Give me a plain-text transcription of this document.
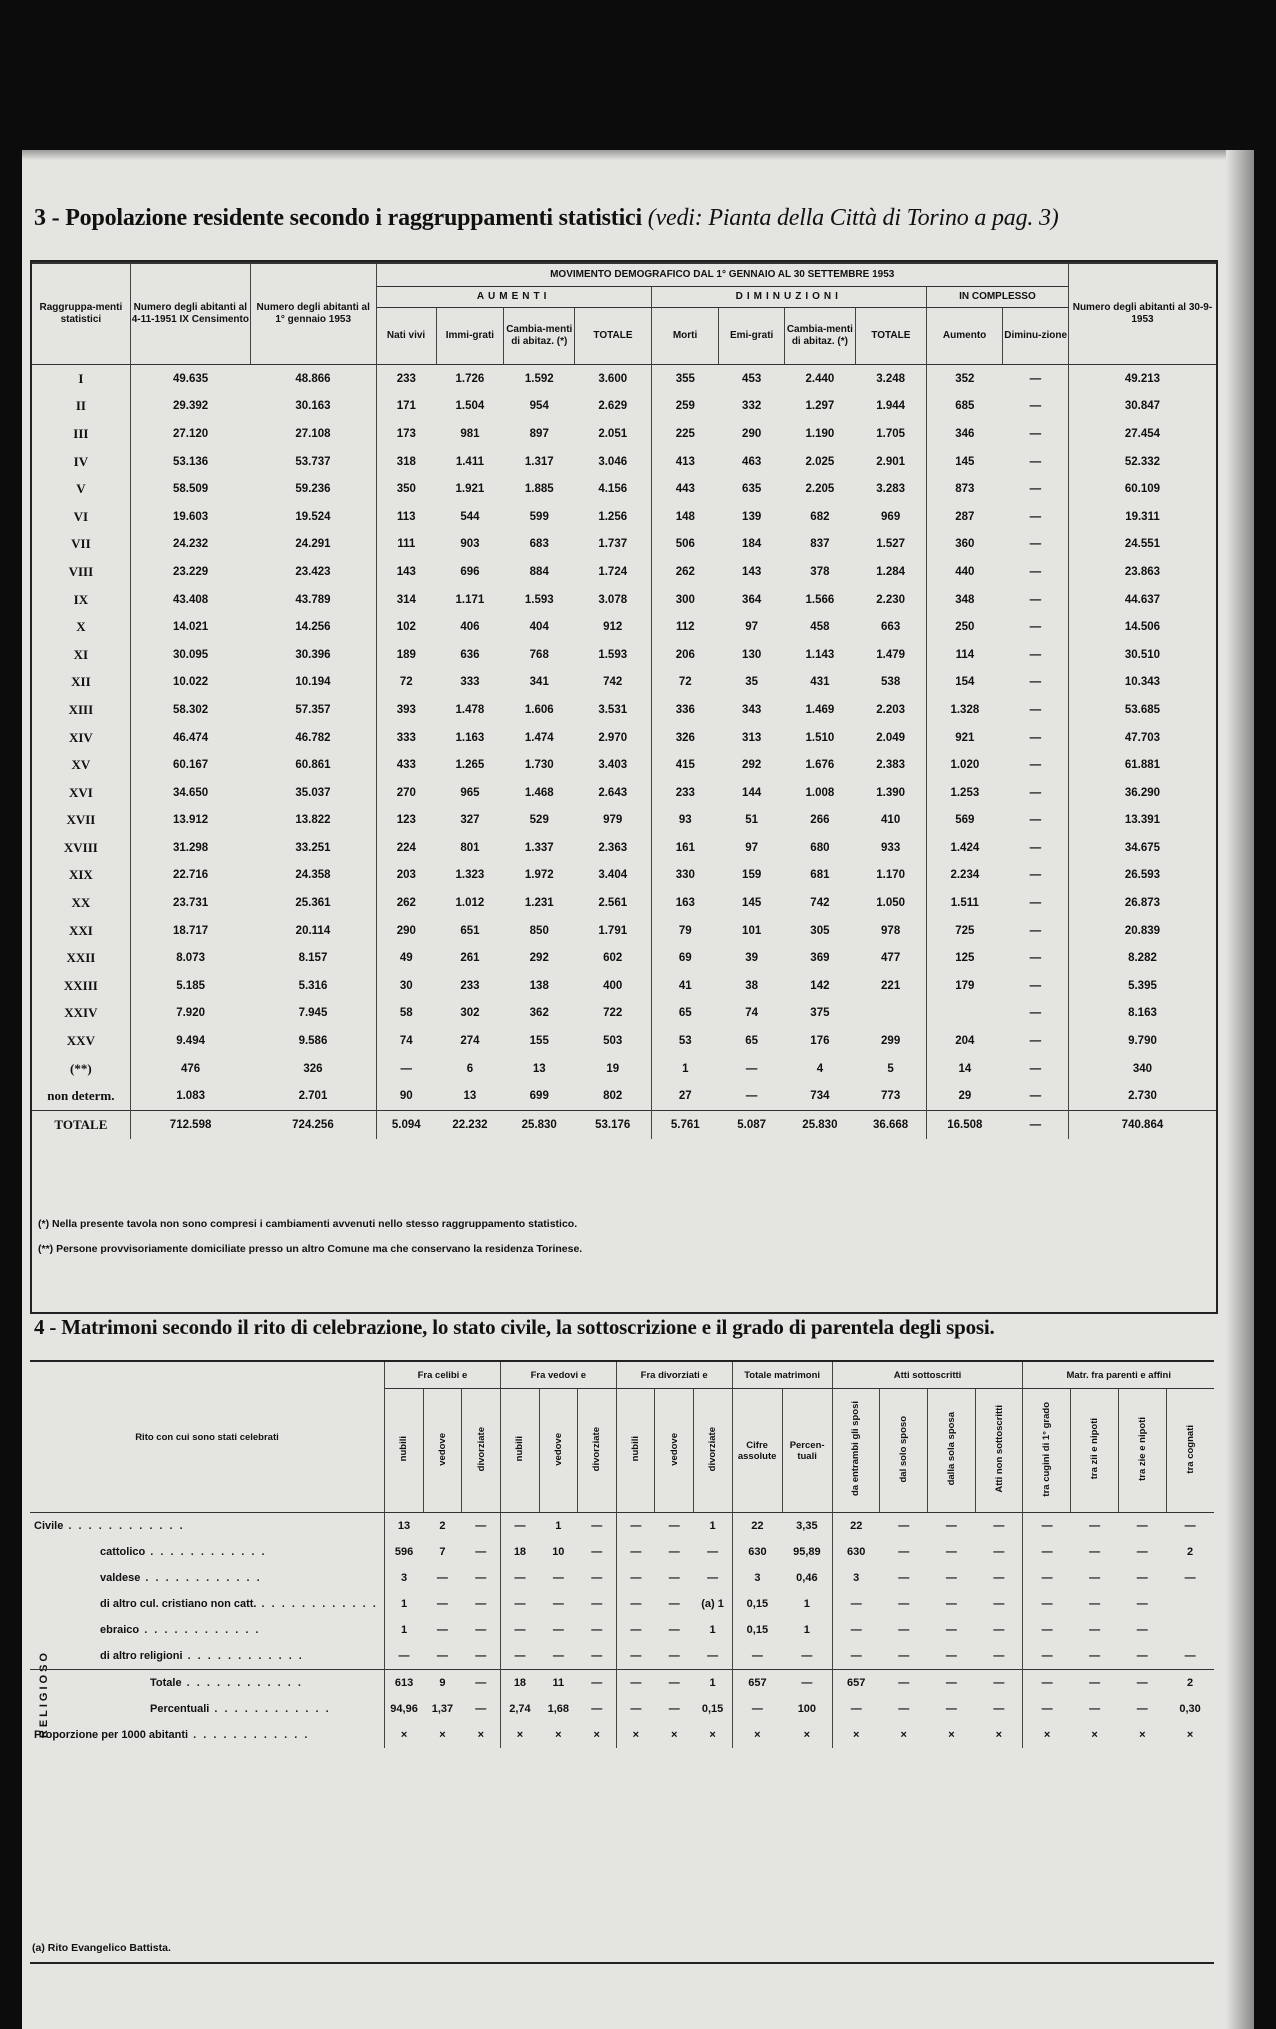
3 - Popolazione residente secondo i raggruppamenti statistici (vedi: Pianta della Città di Torino a pag. 3)
Raggruppa-menti statistici	Numero degli abitanti al 4-11-1951 IX Censimento	Numero degli abitanti al 1° gennaio 1953	MOVIMENTO DEMOGRAFICO DAL 1° GENNAIO AL 30 SETTEMBRE 1953										Numero degli abitanti al 30-9-1953
			AUMENTI				DIMINUZIONI				IN COMPLESSO		
			Nati vivi	Immi-grati	Cambia-menti di abitaz. (*)	TOTALE	Morti	Emi-grati	Cambia-menti di abitaz. (*)	TOTALE	Aumento	Diminu-zione	
I	49.635	48.866	233	1.726	1.592	3.600	355	453	2.440	3.248	352	—	49.213
II	29.392	30.163	171	1.504	954	2.629	259	332	1.297	1.944	685	—	30.847
III	27.120	27.108	173	981	897	2.051	225	290	1.190	1.705	346	—	27.454
IV	53.136	53.737	318	1.411	1.317	3.046	413	463	2.025	2.901	145	—	52.332
V	58.509	59.236	350	1.921	1.885	4.156	443	635	2.205	3.283	873	—	60.109
VI	19.603	19.524	113	544	599	1.256	148	139	682	969	287	—	19.311
VII	24.232	24.291	111	903	683	1.737	506	184	837	1.527	360	—	24.551
VIII	23.229	23.423	143	696	884	1.724	262	143	378	1.284	440	—	23.863
IX	43.408	43.789	314	1.171	1.593	3.078	300	364	1.566	2.230	348	—	44.637
X	14.021	14.256	102	406	404	912	112	97	458	663	250	—	14.506
XI	30.095	30.396	189	636	768	1.593	206	130	1.143	1.479	114	—	30.510
XII	10.022	10.194	72	333	341	742	72	35	431	538	154	—	10.343
XIII	58.302	57.357	393	1.478	1.606	3.531	336	343	1.469	2.203	1.328	—	53.685
XIV	46.474	46.782	333	1.163	1.474	2.970	326	313	1.510	2.049	921	—	47.703
XV	60.167	60.861	433	1.265	1.730	3.403	415	292	1.676	2.383	1.020	—	61.881
XVI	34.650	35.037	270	965	1.468	2.643	233	144	1.008	1.390	1.253	—	36.290
XVII	13.912	13.822	123	327	529	979	93	51	266	410	569	—	13.391
XVIII	31.298	33.251	224	801	1.337	2.363	161	97	680	933	1.424	—	34.675
XIX	22.716	24.358	203	1.323	1.972	3.404	330	159	681	1.170	2.234	—	26.593
XX	23.731	25.361	262	1.012	1.231	2.561	163	145	742	1.050	1.511	—	26.873
XXI	18.717	20.114	290	651	850	1.791	79	101	305	978	725	—	20.839
XXII	8.073	8.157	49	261	292	602	69	39	369	477	125	—	8.282
XXIII	5.185	5.316	30	233	138	400	41	38	142	221	179	—	5.395
XXIV	7.920	7.945	58	302	362	722	65	74	375			—	8.163
XXV	9.494	9.586	74	274	155	503	53	65	176	299	204	—	9.790
(**)	476	326	—	6	13	19	1	—	4	5	14	—	340
non determ.	1.083	2.701	90	13	699	802	27	—	734	773	29	—	2.730
TOTALE	712.598	724.256	5.094	22.232	25.830	53.176	5.761	5.087	25.830	36.668	16.508	—	740.864
(*) Nella presente tavola non sono compresi i cambiamenti avvenuti nello stesso raggruppamento statistico.
(**) Persone provvisoriamente domiciliate presso un altro Comune ma che conservano la residenza Torinese.
4 - Matrimoni secondo il rito di celebrazione, lo stato civile, la sottoscrizione e il grado di parentela degli sposi.
RELIGIOSO
Rito con cui sono stati celebrati	Fra celibi e			Fra vedovi e			Fra divorziati e			Totale matrimoni		Atti sottoscritti				Matr. fra parenti e affini			
	nubili	vedove	divorziate	nubili	vedove	divorziate	nubili	vedove	divorziate	Cifre assolute	Percen-tuali	da entrambi gli sposi	dal solo sposo	dalla sola sposa	Atti non sottoscritti	tra cugini di 1° grado	tra zii e nipoti	tra zie e nipoti	tra cognati
Civile . . . . . . . . . . . .	13	2	—	—	1	—	—	—	1	22	3,35	22	—	—	—	—	—	—	—
cattolico . . . . . . . . . . . .	596	7	—	18	10	—	—	—	—	630	95,89	630	—	—	—	—	—	—	2
valdese . . . . . . . . . . . .	3	—	—	—	—	—	—	—	—	3	0,46	3	—	—	—	—	—	—	—
di altro cul. cristiano non catt. . . . . . . . . . . . .	1	—	—	—	—	—	—	—	(a) 1	0,15	1	—	—	—	—	—	—	—	
ebraico . . . . . . . . . . . .	1	—	—	—	—	—	—	—	1	0,15	1	—	—	—	—	—	—	—	
di altro religioni . . . . . . . . . . . .	—	—	—	—	—	—	—	—	—	—	—	—	—	—	—	—	—	—	—
Totale . . . . . . . . . . . .	613	9	—	18	11	—	—	—	1	657	—	657	—	—	—	—	—	—	2
Percentuali . . . . . . . . . . . .	94,96	1,37	—	2,74	1,68	—	—	—	0,15	—	100	—	—	—	—	—	—	—	0,30
Proporzione per 1000 abitanti . . . . . . . . . . . .	×	×	×	×	×	×	×	×	×	×	×	×	×	×	×	×	×	×	×
(a) Rito Evangelico Battista.
